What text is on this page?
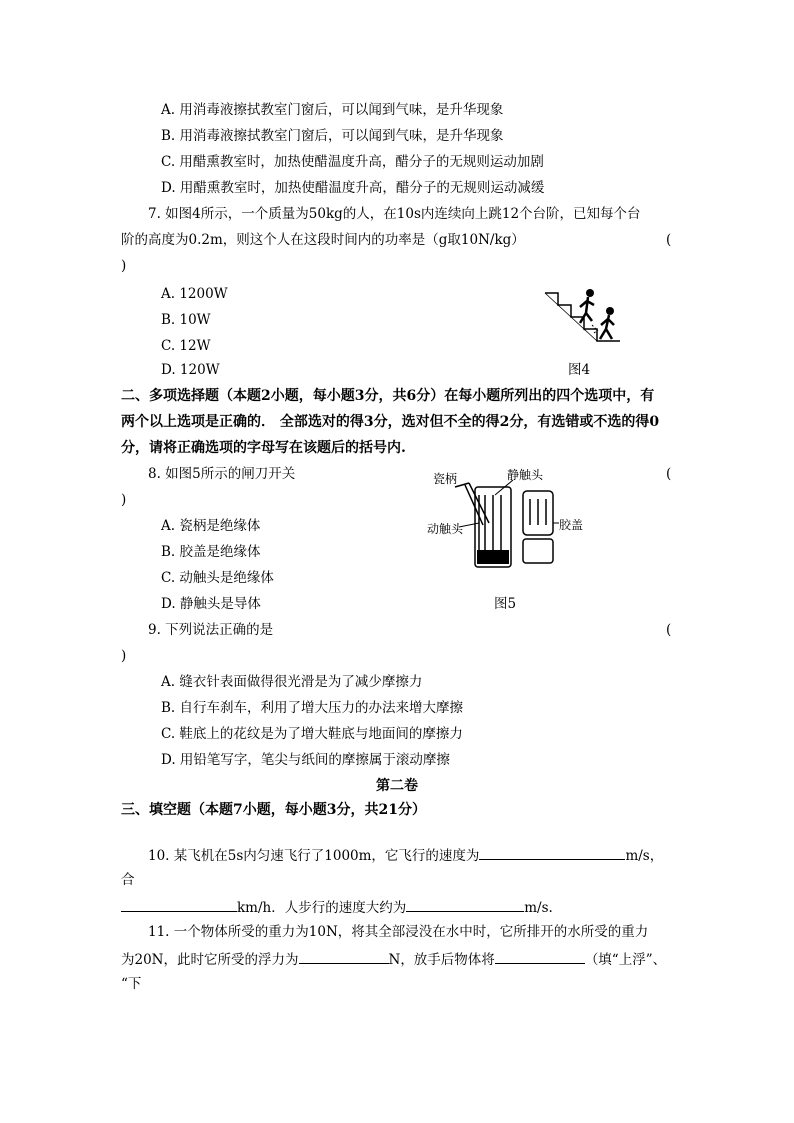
A. 用消毒液擦拭教室门窗后，可以闻到气味，是升华现象
B. 用消毒液擦拭教室门窗后，可以闻到气味，是升华现象
C. 用醋熏教室时，加热使醋温度升高，醋分子的无规则运动加剧
D. 用醋熏教室时，加热使醋温度升高，醋分子的无规则运动减缓
7. 如图4所示，一个质量为50kg的人，在10s内连续向上跳12个台阶，已知每个台
阶的高度为0.2m，则这个人在这段时间内的功率是（g取10N/kg）	(
)
A. 1200W
B. 10W
C. 12W
D. 120W	图4
二、多项选择题（本题2小题，每小题3分，共6分）在每小题所列出的四个选项中，有
两个以上选项是正确的． 全部选对的得3分，选对但不全的得2分，有选错或不选的得0
分，请将正确选项的字母写在该题后的括号内.
8. 如图5所示的闸刀开关	(
)
A. 瓷柄是绝缘体
B. 胶盖是绝缘体
C. 动触头是绝缘体
D. 静触头是导体
瓷柄	静触头
动触头	胶盖
图5
9. 下列说法正确的是	(
)
A. 缝衣针表面做得很光滑是为了减少摩擦力
B. 自行车刹车，利用了增大压力的办法来增大摩擦
C. 鞋底上的花纹是为了增大鞋底与地面间的摩擦力
D. 用铅笔写字，笔尖与纸间的摩擦属于滚动摩擦
第二卷
三、填空题（本题7小题，每小题3分，共21分）
10. 某飞机在5s内匀速飞行了1000m，它飞行的速度为	m/s，
合
km/h．人步行的速度大约为	m/s.
11. 一个物体所受的重力为10N，将其全部浸没在水中时，它所排开的水所受的重力
为20N，此时它所受的浮力为	N，放手后物体将	（填“上浮”、
“下
